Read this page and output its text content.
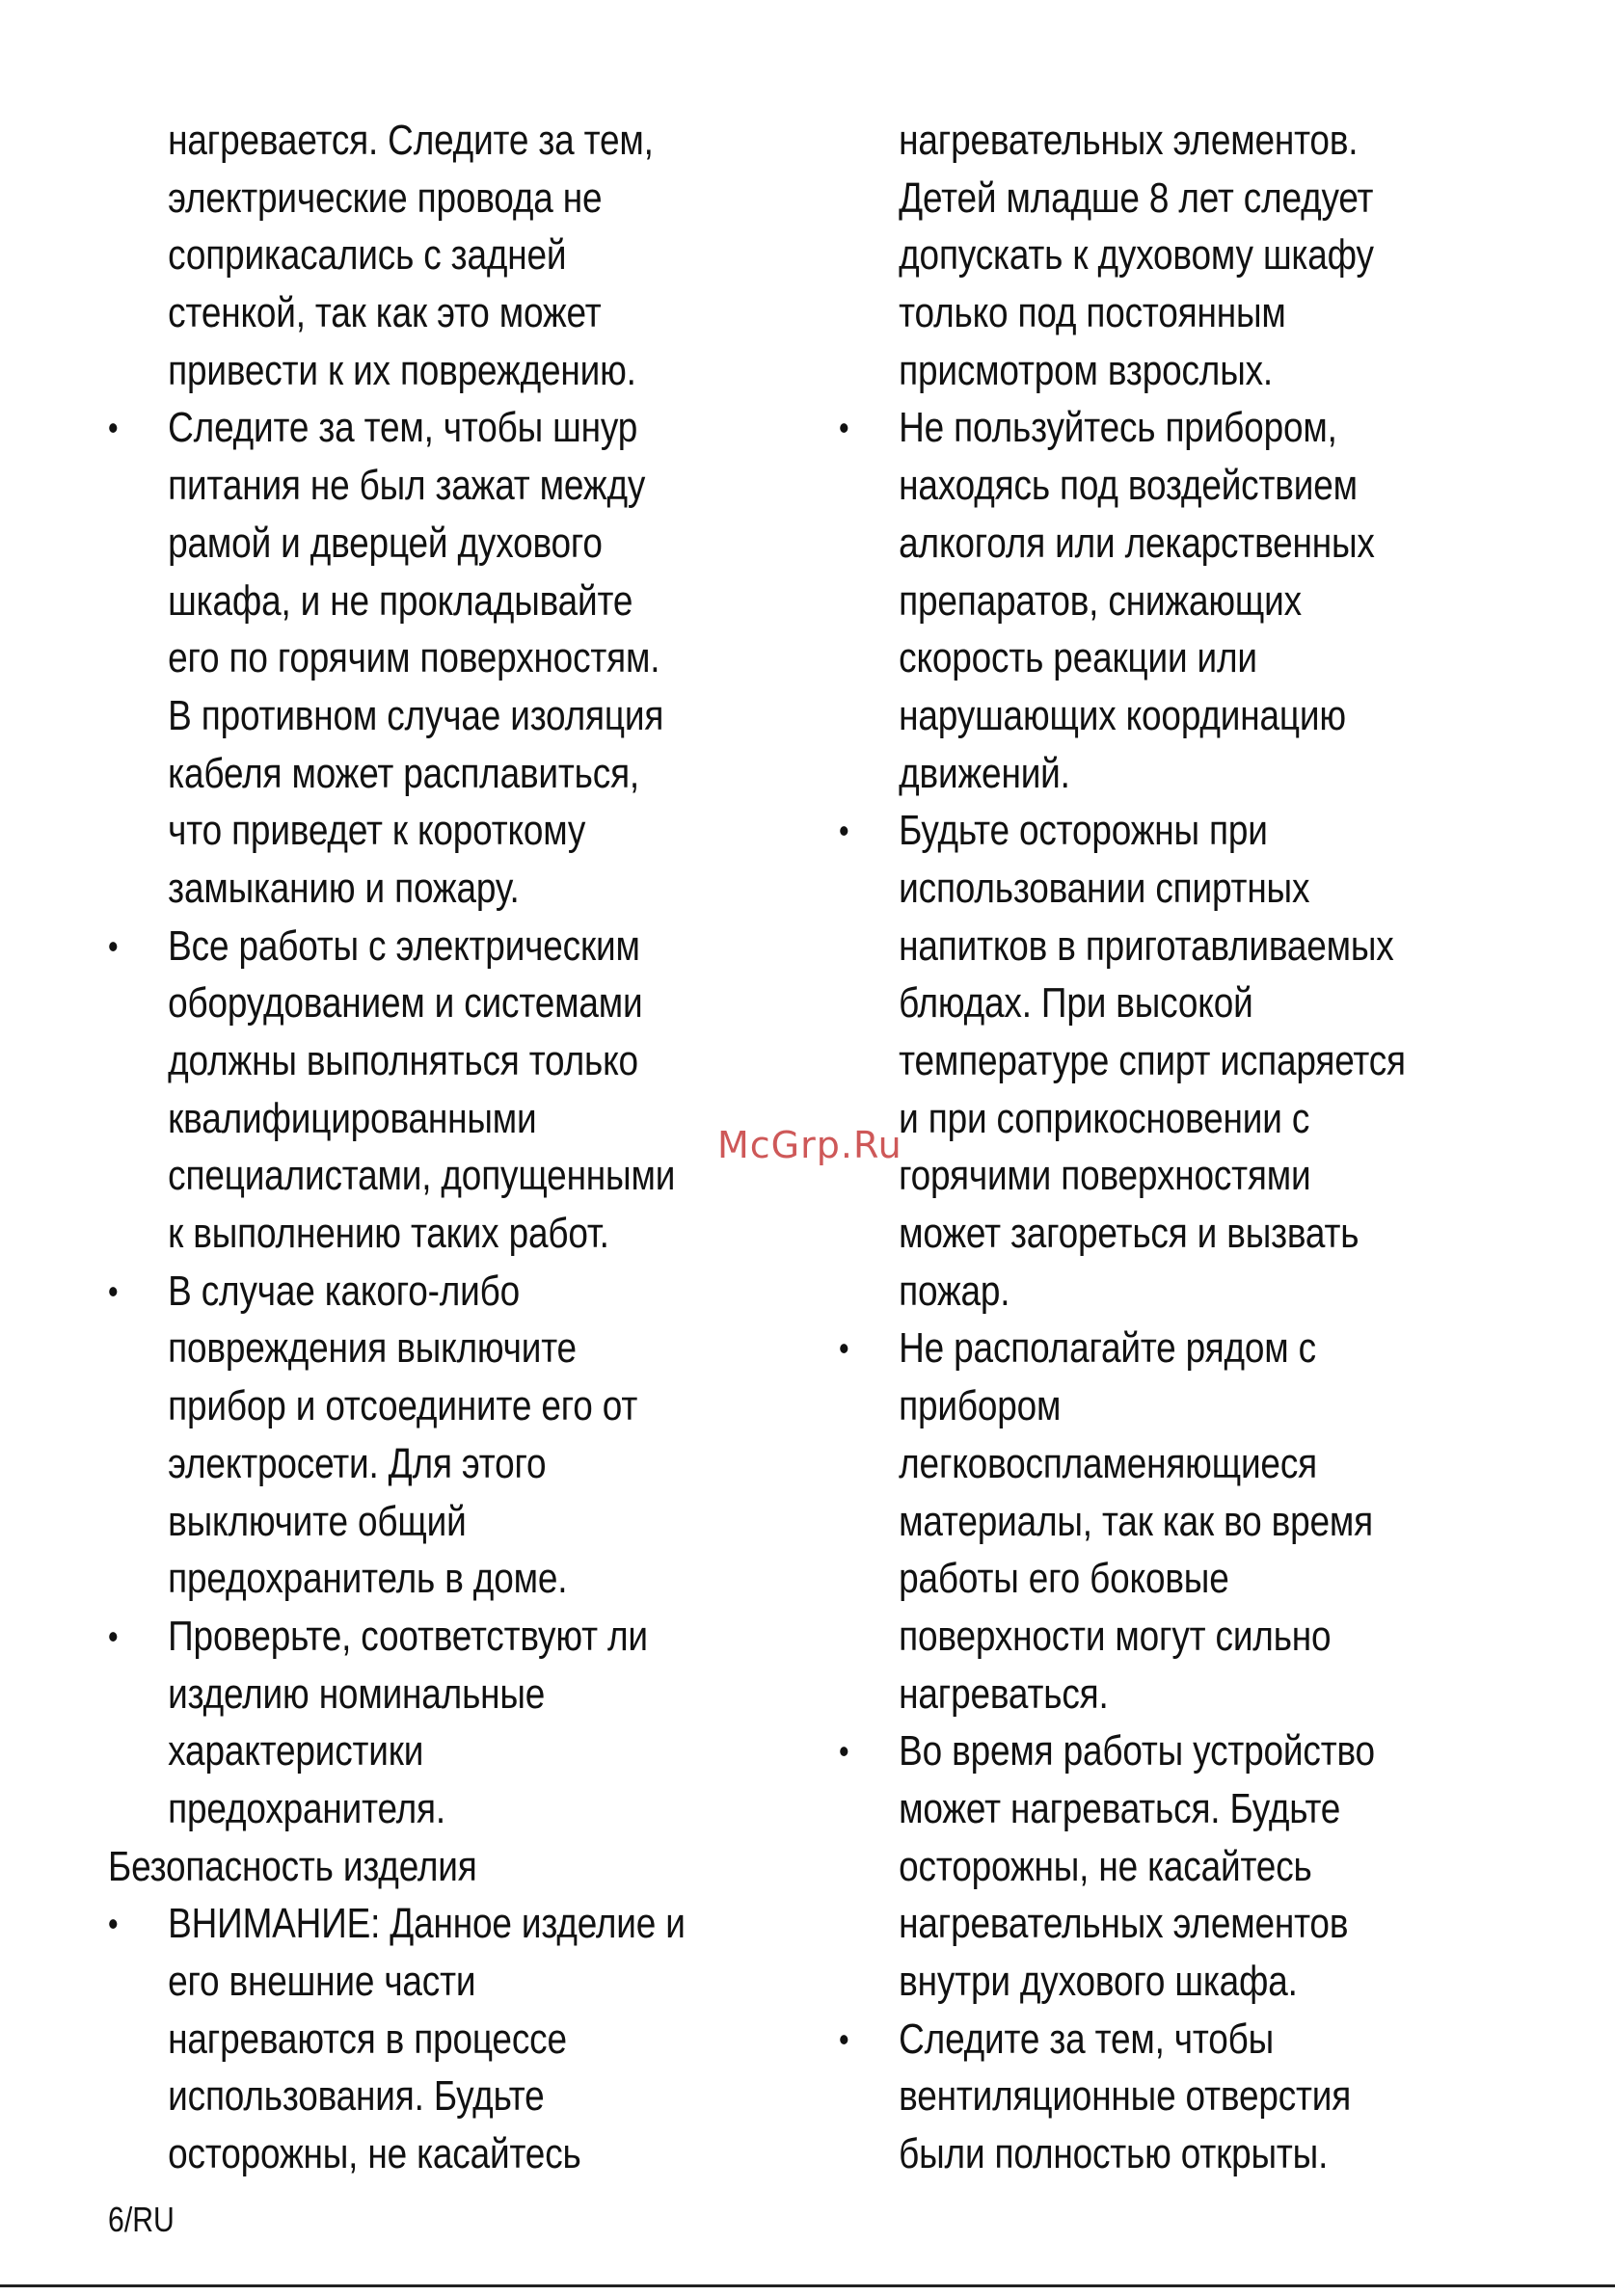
нагревается. Следите за тем,
электрические провода не
соприкасались с задней
стенкой, так как это может
привести к их повреждению.
• Следите за тем, чтобы шнур
питания не был зажат между
рамой и дверцей духового
шкафа, и не прокладывайте
его по горячим поверхностям.
В противном случае изоляция
кабеля может расплавиться,
что приведет к короткому
замыканию и пожару.
• Все работы с электрическим
оборудованием и системами
должны выполняться только
квалифицированными
специалистами, допущенными
к выполнению таких работ.
• В случае какого-либо
повреждения выключите
прибор и отсоедините его от
электросети. Для этого
выключите общий
предохранитель в доме.
• Проверьте, соответствуют ли
изделию номинальные
характеристики
предохранителя.
Безопасность изделия
• ВНИМАНИЕ: Данное изделие и
его внешние части
нагреваются в процессе
использования. Будьте
осторожны, не касайтесь
нагревательных элементов.
Детей младше 8 лет следует
допускать к духовому шкафу
только под постоянным
присмотром взрослых.
• Не пользуйтесь прибором,
находясь под воздействием
алкоголя или лекарственных
препаратов, снижающих
скорость реакции или
нарушающих координацию
движений.
• Будьте осторожны при
использовании спиртных
напитков в приготавливаемых
блюдах. При высокой
температуре спирт испаряется
и при соприкосновении с
горячими поверхностями
может загореться и вызвать
пожар.
• Не располагайте рядом с
прибором
легковоспламеняющиеся
материалы, так как во время
работы его боковые
поверхности могут сильно
нагреваться.
• Во время работы устройство
может нагреваться. Будьте
осторожны, не касайтесь
нагревательных элементов
внутри духового шкафа.
• Следите за тем, чтобы
вентиляционные отверстия
были полностью открыты.
McGrp.Ru
6/RU
